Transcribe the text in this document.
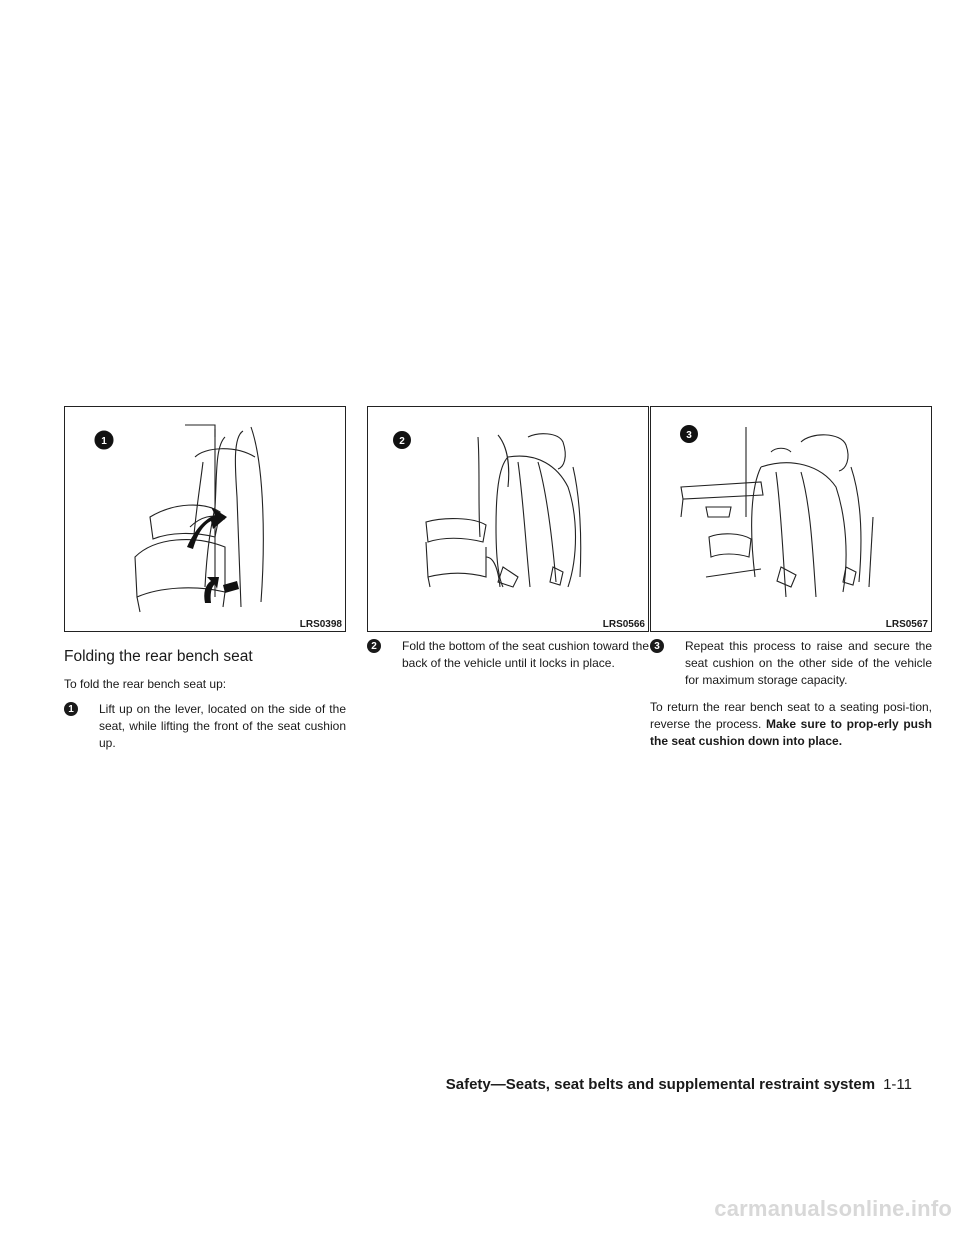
1
LRS0398
Folding the rear bench seat

To fold the rear bench seat up:

1	Lift up on the lever, located on the side of the seat, while lifting the front of the seat cushion up.
2
LRS0566
2	Fold the bottom of the seat cushion toward the back of the vehicle until it locks in place.
3
LRS0567
3	Repeat this process to raise and secure the seat cushion on the other side of the vehicle for maximum storage capacity.

To return the rear bench seat to a seating posi-tion, reverse the process. Make sure to prop-erly push the seat cushion down into place.

Safety—Seats, seat belts and supplemental restraint system 1-11
carmanualsonline.info
